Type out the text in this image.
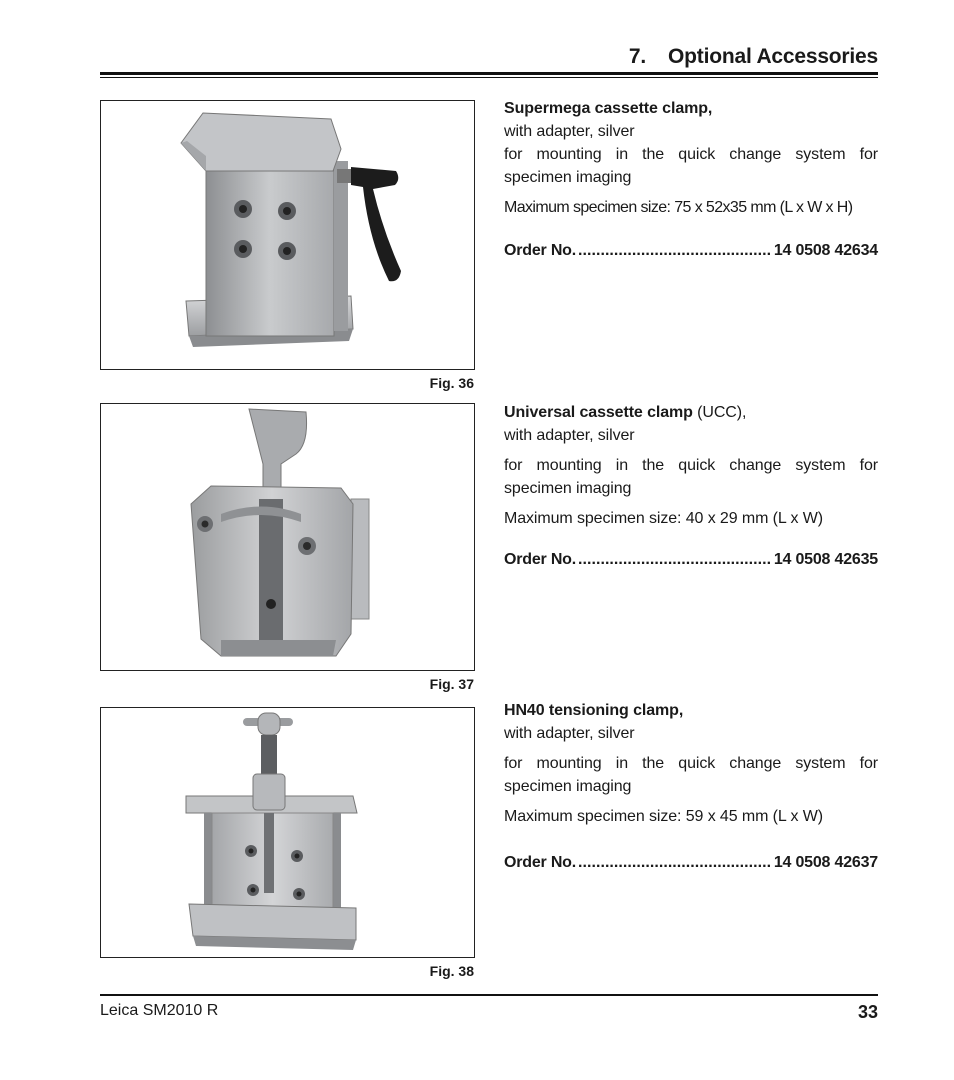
7. Optional Accessories
Fig. 36

Supermega cassette clamp,

with adapter, silver

for mounting in the quick change system for

specimen imaging

Maximum specimen size: 75 x 52x35 mm (L x W x H)

Order No. . . .	14 0508 42634
Fig. 37

Universal cassette clamp (UCC),

with adapter, silver

for mounting in the quick change system for

specimen imaging

Maximum specimen size: 40 x 29 mm (L x W)

Order No. . . .	14 0508 42635
Fig. 38

HN40 tensioning clamp,

with adapter, silver

for mounting in the quick change system for

specimen imaging

Maximum specimen size: 59 x 45 mm (L x W)

Order No. . . .	14 0508 42637
Leica SM2010 R	33
